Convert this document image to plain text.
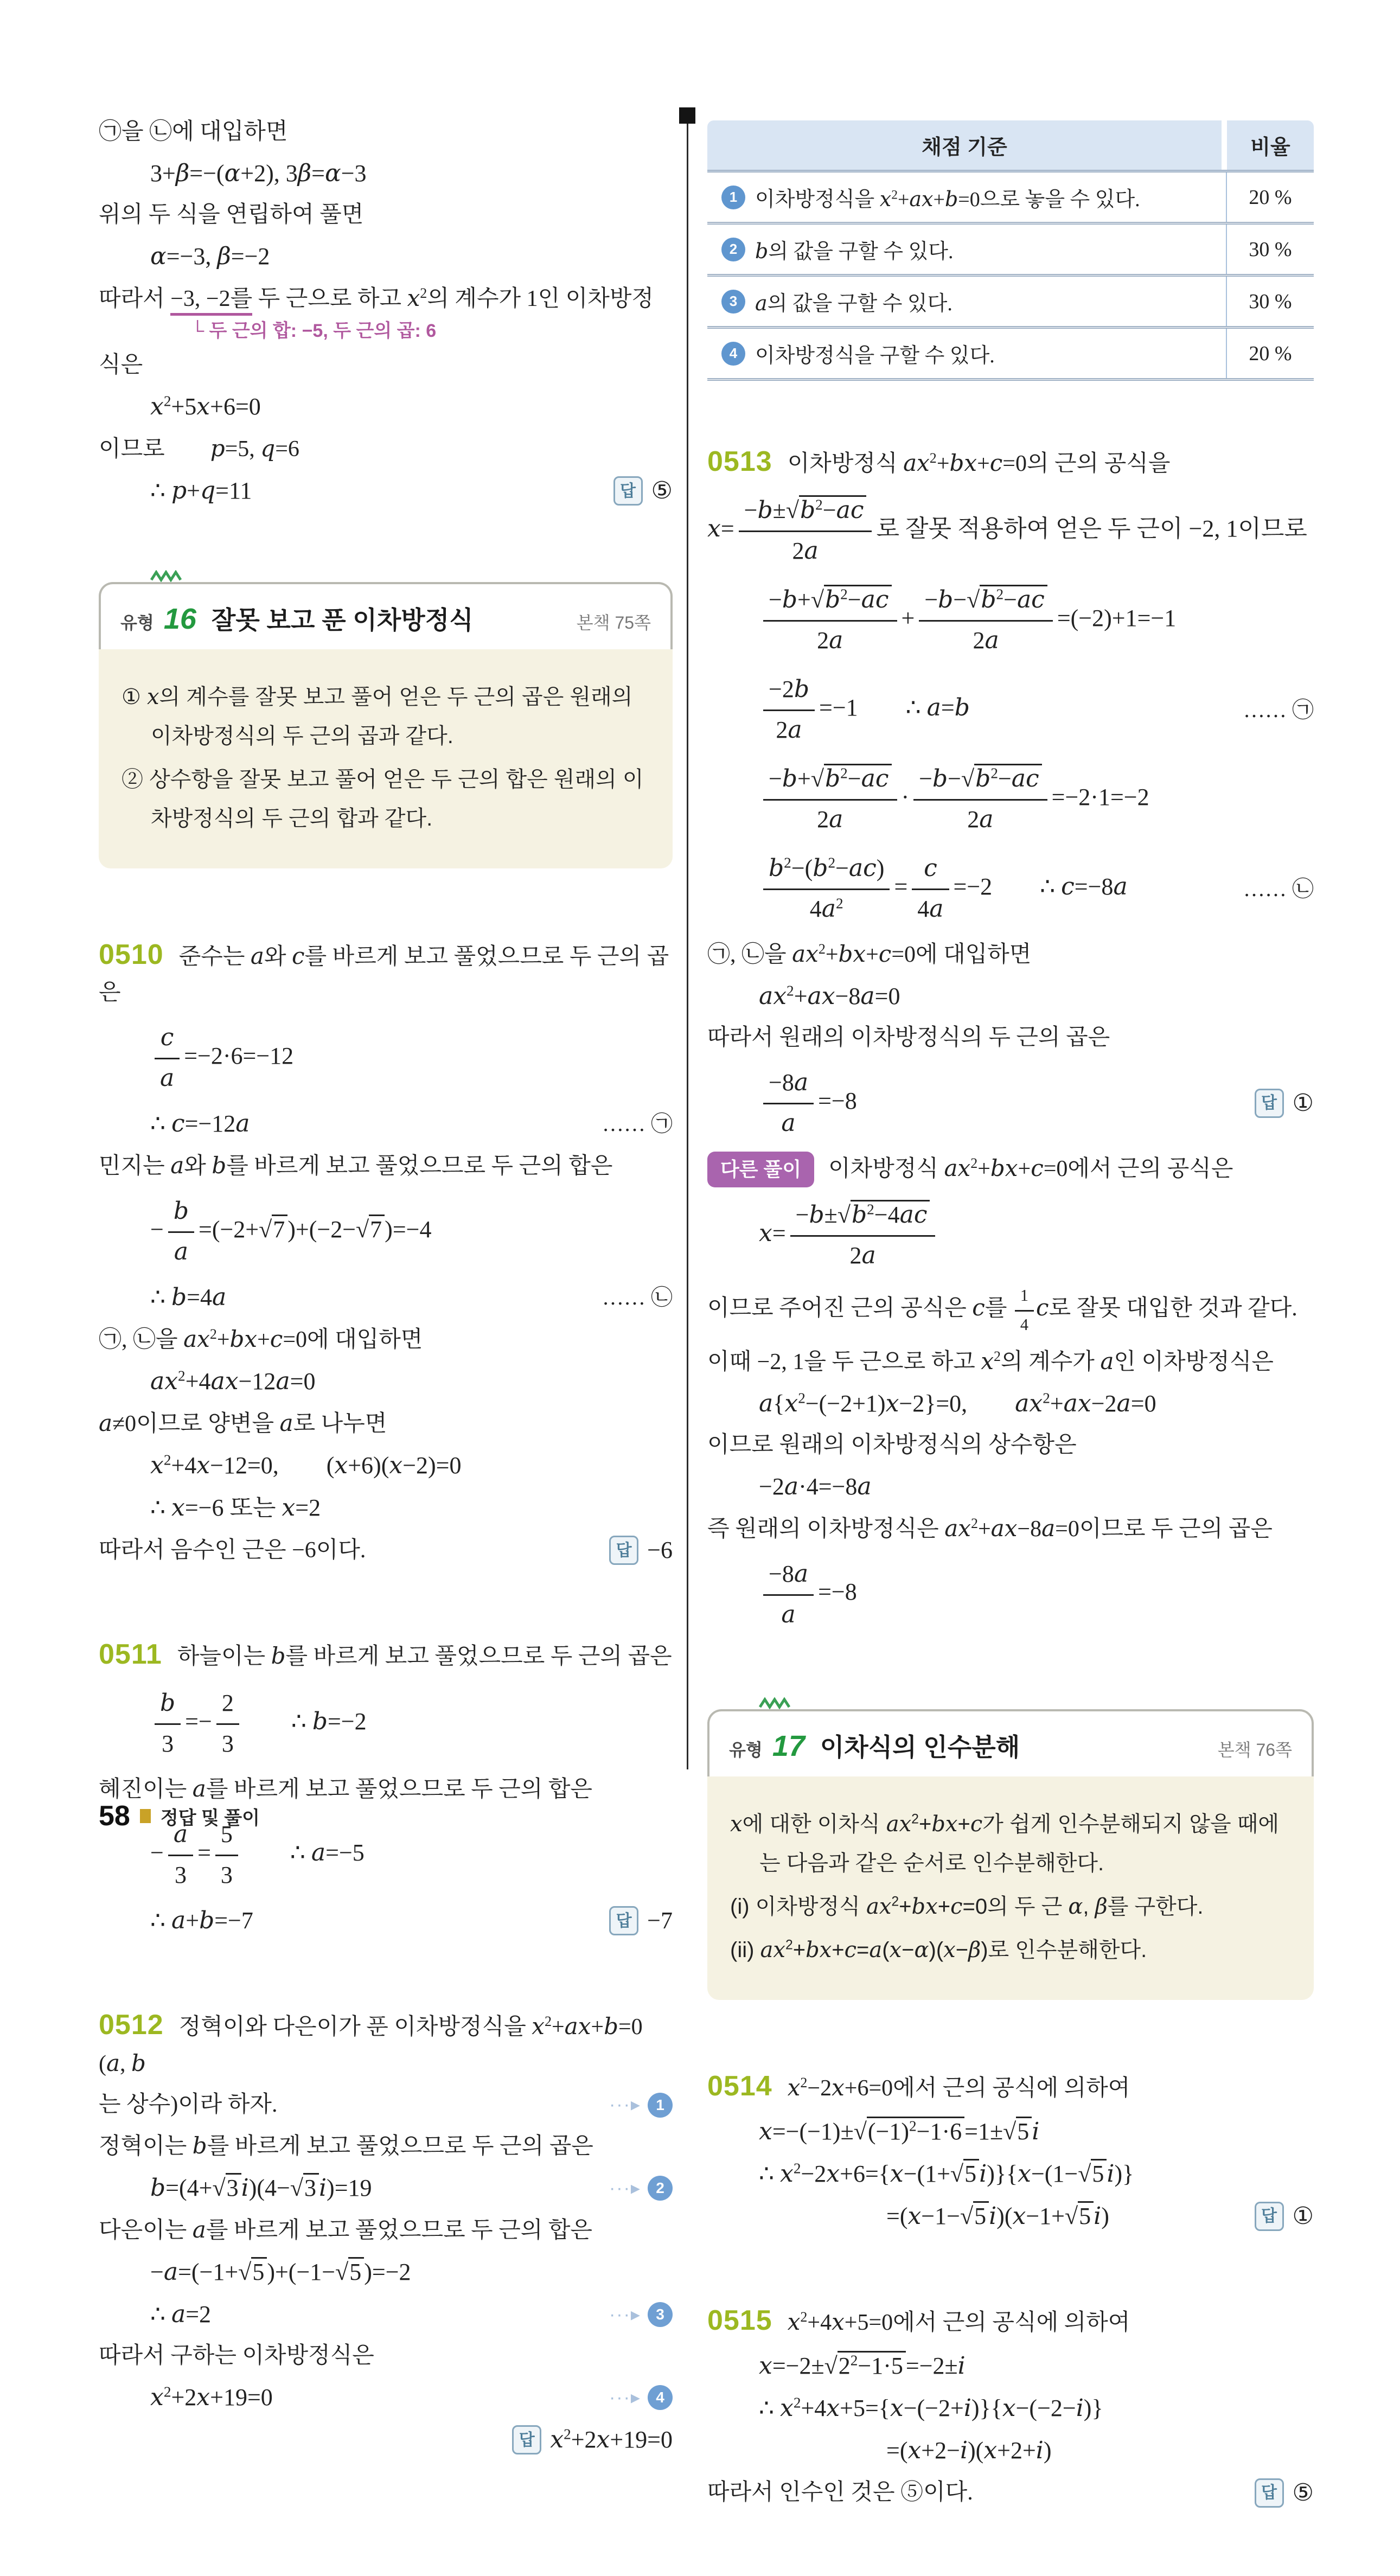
㉠을 ㉡에 대입하면
3+β=−(α+2), 3β=α−3
위의 두 식을 연립하여 풀면
α=−3, β=−2
따라서 −3, −2를 두 근으로 하고 $x^2$의 계수가 1인 이차방정
└ 두 근의 합: −5, 두 근의 곱: 6
식은
$x^2+5x+6=0$
이므로  p=5, q=6
∴ p+q=11	답 ⑤
유형 16 잘못 보고 푼 이차방정식	본책 75쪽
① x의 계수를 잘못 보고 풀어 얻은 두 근의 곱은 원래의 이차방정식의 두 근의 곱과 같다.
② 상수항을 잘못 보고 풀어 얻은 두 근의 합은 원래의 이차방정식의 두 근의 합과 같다.
0510 준수는 a와 c를 바르게 보고 풀었으므로 두 근의 곱은
$\frac{c}{a} =-2\cdot 6=-12$
∴ c=−12a	…… ㉠
민지는 a와 b를 바르게 보고 풀었으므로 두 근의 합은
− $\frac{b}{a} =(-2+√7$ )+(−2−√7 )=−4
∴ b=4a	…… ㉡
㉠, ㉡을 $ax^2+bx+c=0$에 대입하면
$ax^2+4ax-12a=0$
a≠0이므로 양변을 a로 나누면
$x^2+4x-12=0$,  (x+6)(x−2)=0
∴ x=−6 또는 x=2
따라서 음수인 근은 −6이다.	답 −6
0511 하늘이는 b를 바르게 보고 풀었으므로 두 근의 곱은
$\frac{b}{3} =- \frac{2}{3}$   ∴ b=−2
혜진이는 a를 바르게 보고 풀었으므로 두 근의 합은
− $\frac{a}{3} = \frac{5}{3}$   ∴ a=−5
∴ a+b=−7	답 −7
0512 정혁이와 다은이가 푼 이차방정식을 $x^2+ax+b=0$ (a, b
는 상수)이라 하자.	···▸ 1
정혁이는 b를 바르게 보고 풀었으므로 두 근의 곱은
b=(4+√3 i)(4−√3 i)=19	···▸ 2
다은이는 a를 바르게 보고 풀었으므로 두 근의 합은
−a=(−1+√5 )+(−1−√5 )=−2
∴ a=2	···▸ 3
따라서 구하는 이차방정식은
$x^2+2x+19=0$	···▸ 4
답 $x^2+2x+19=0$
채점 기준	비율
1 이차방정식을 $x^2+ax+b=0$으로 놓을 수 있다.	20 %
2 b의 값을 구할 수 있다.	30 %
3 a의 값을 구할 수 있다.	30 %
4 이차방정식을 구할 수 있다.	20 %
0513 이차방정식 $ax^2+bx+c=0$의 근의 공식을
$x= \frac{-b\pm√b^2-ac}{2a}$ 로 잘못 적용하여 얻은 두 근이 −2, 1이므로
$\frac{-b+√b^2-ac}{2a} + \frac{-b-√b^2-ac}{2a} =(-2)+1=-1$
$\frac{-2b}{2a} =-1$  ∴ a=b	…… ㉠
$\frac{-b+√b^2-ac}{2a} \cdot \frac{-b-√b^2-ac}{2a} =-2\cdot 1=-2$
$\frac{b^2-(b^2-ac)}{4a^2} = \frac{c}{4a} =-2$  ∴ c=−8a	…… ㉡
㉠, ㉡을 $ax^2+bx+c=0$에 대입하면
$ax^2+ax-8a=0$
따라서 원래의 이차방정식의 두 근의 곱은
$\frac{-8a}{a} =-8$	답 ①
다른 풀이 이차방정식 $ax^2+bx+c=0$에서 근의 공식은
$x= \frac{-b\pm√b^2-4ac}{2a}$
이므로 주어진 근의 공식은 c를 $\frac{1}{4}$ c로 잘못 대입한 것과 같다.
이때 −2, 1을 두 근으로 하고 $x^2$의 계수가 a인 이차방정식은
$a\{x^2-(-2+1)x-2\}=0$,  $ax^2+ax-2a=0$
이므로 원래의 이차방정식의 상수항은
−2a·4=−8a
즉 원래의 이차방정식은 $ax^2+ax-8a=0$이므로 두 근의 곱은
$\frac{-8a}{a} =-8$
유형 17 이차식의 인수분해	본책 76쪽
x에 대한 이차식 $ax^2+bx+c$가 쉽게 인수분해되지 않을 때에는 다음과 같은 순서로 인수분해한다.
(i) 이차방정식 $ax^2+bx+c=0$의 두 근 α, β를 구한다.
(ii) $ax^2+bx+c=a(x-\alpha)(x-\beta)$로 인수분해한다.
0514 $x^2-2x+6=0$에서 근의 공식에 의하여
$x=-(-1)\pm√(-1)^2-1\cdot 6 =1\pm√5$ i
∴ $x^2-2x+6=\{x-(1+√5$ i)}{x−(1−√5 i)}
=(x−1−√5 i)(x−1+√5 i)	답 ①
0515 $x^2+4x+5=0$에서 근의 공식에 의하여
$x=-2\pm√2^2-1\cdot 5 =-2\pm i$
∴ $x^2+4x+5=\{x-(-2+i)\}\{x-(-2-i)\}$
=(x+2−i)(x+2+i)
따라서 인수인 것은 ⑤이다.	답 ⑤
58 정답 및 풀이
